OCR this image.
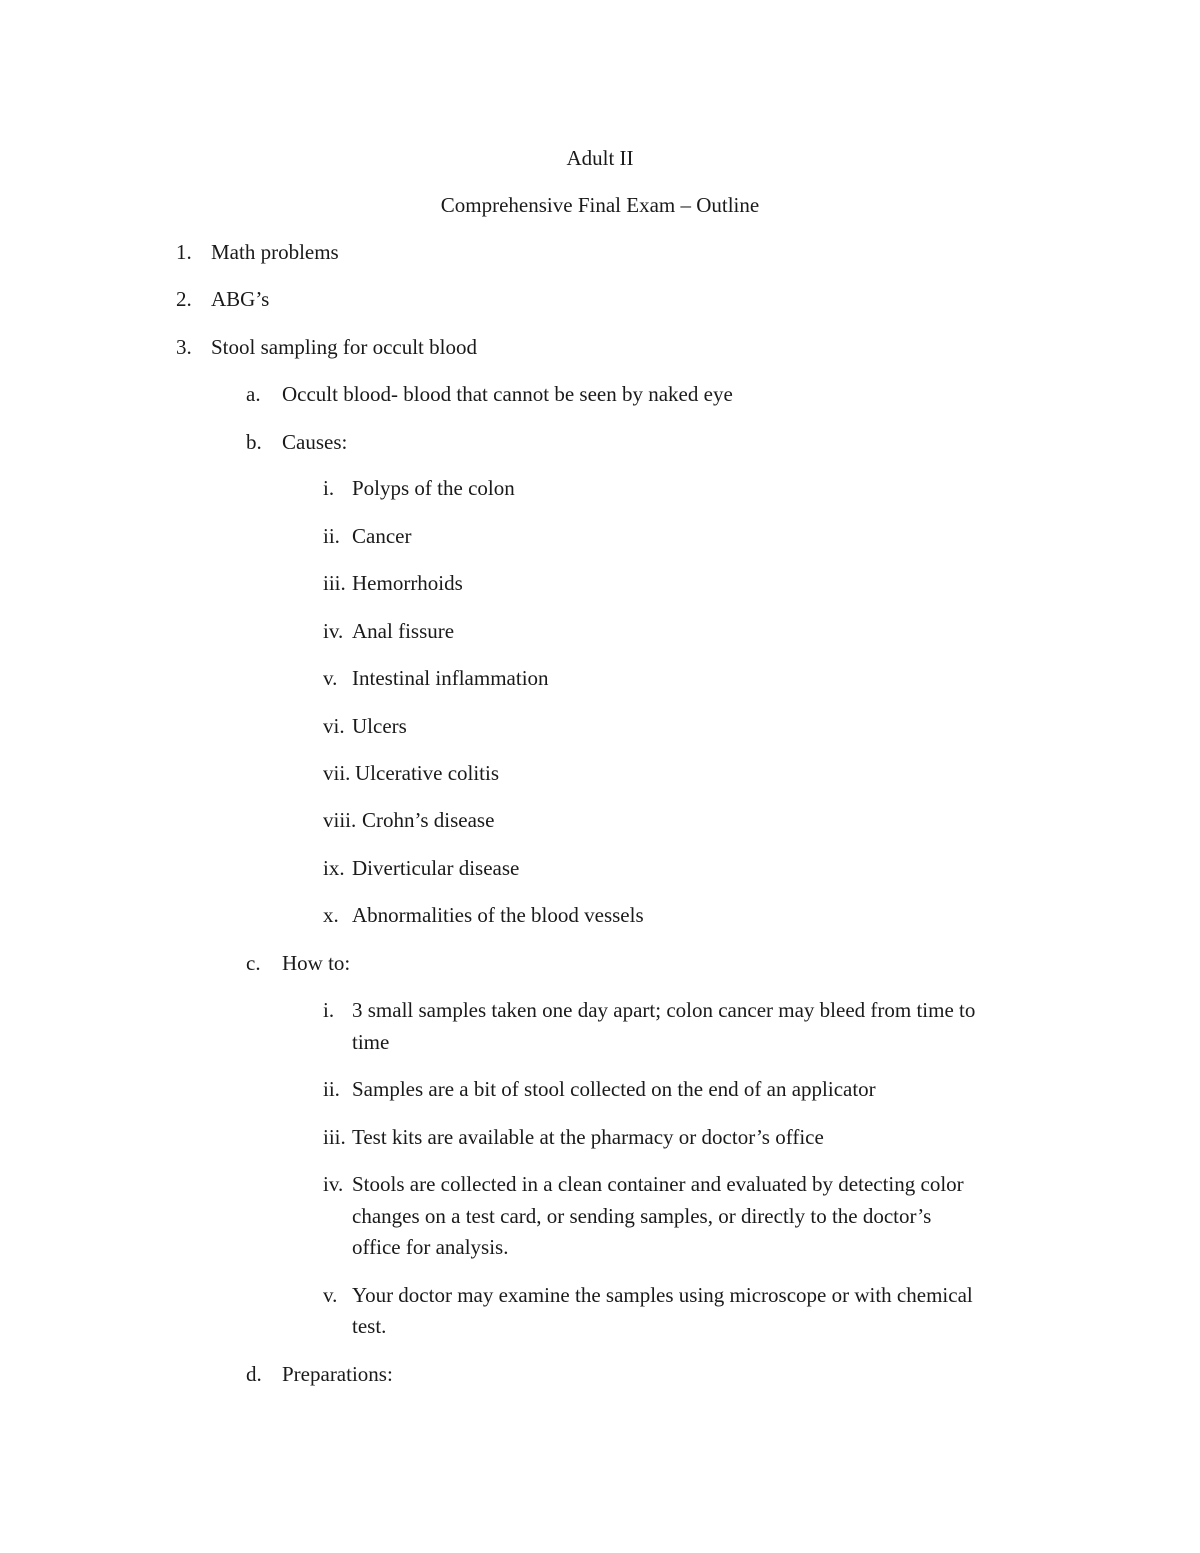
Adult II
Comprehensive Final Exam – Outline
1. Math problems
2. ABG’s
3. Stool sampling for occult blood
a. Occult blood- blood that cannot be seen by naked eye
b. Causes:
i. Polyps of the colon
ii. Cancer
iii. Hemorrhoids
iv. Anal fissure
v. Intestinal inflammation
vi. Ulcers
vii. Ulcerative colitis
viii. Crohn’s disease
ix. Diverticular disease
x. Abnormalities of the blood vessels
c. How to:
i. 3 small samples taken one day apart; colon cancer may bleed from time to
time
ii. Samples are a bit of stool collected on the end of an applicator
iii. Test kits are available at the pharmacy or doctor’s office
iv. Stools are collected in a clean container and evaluated by detecting color
changes on a test card, or sending samples, or directly to the doctor’s
office for analysis.
v. Your doctor may examine the samples using microscope or with chemical
test.
d. Preparations:
